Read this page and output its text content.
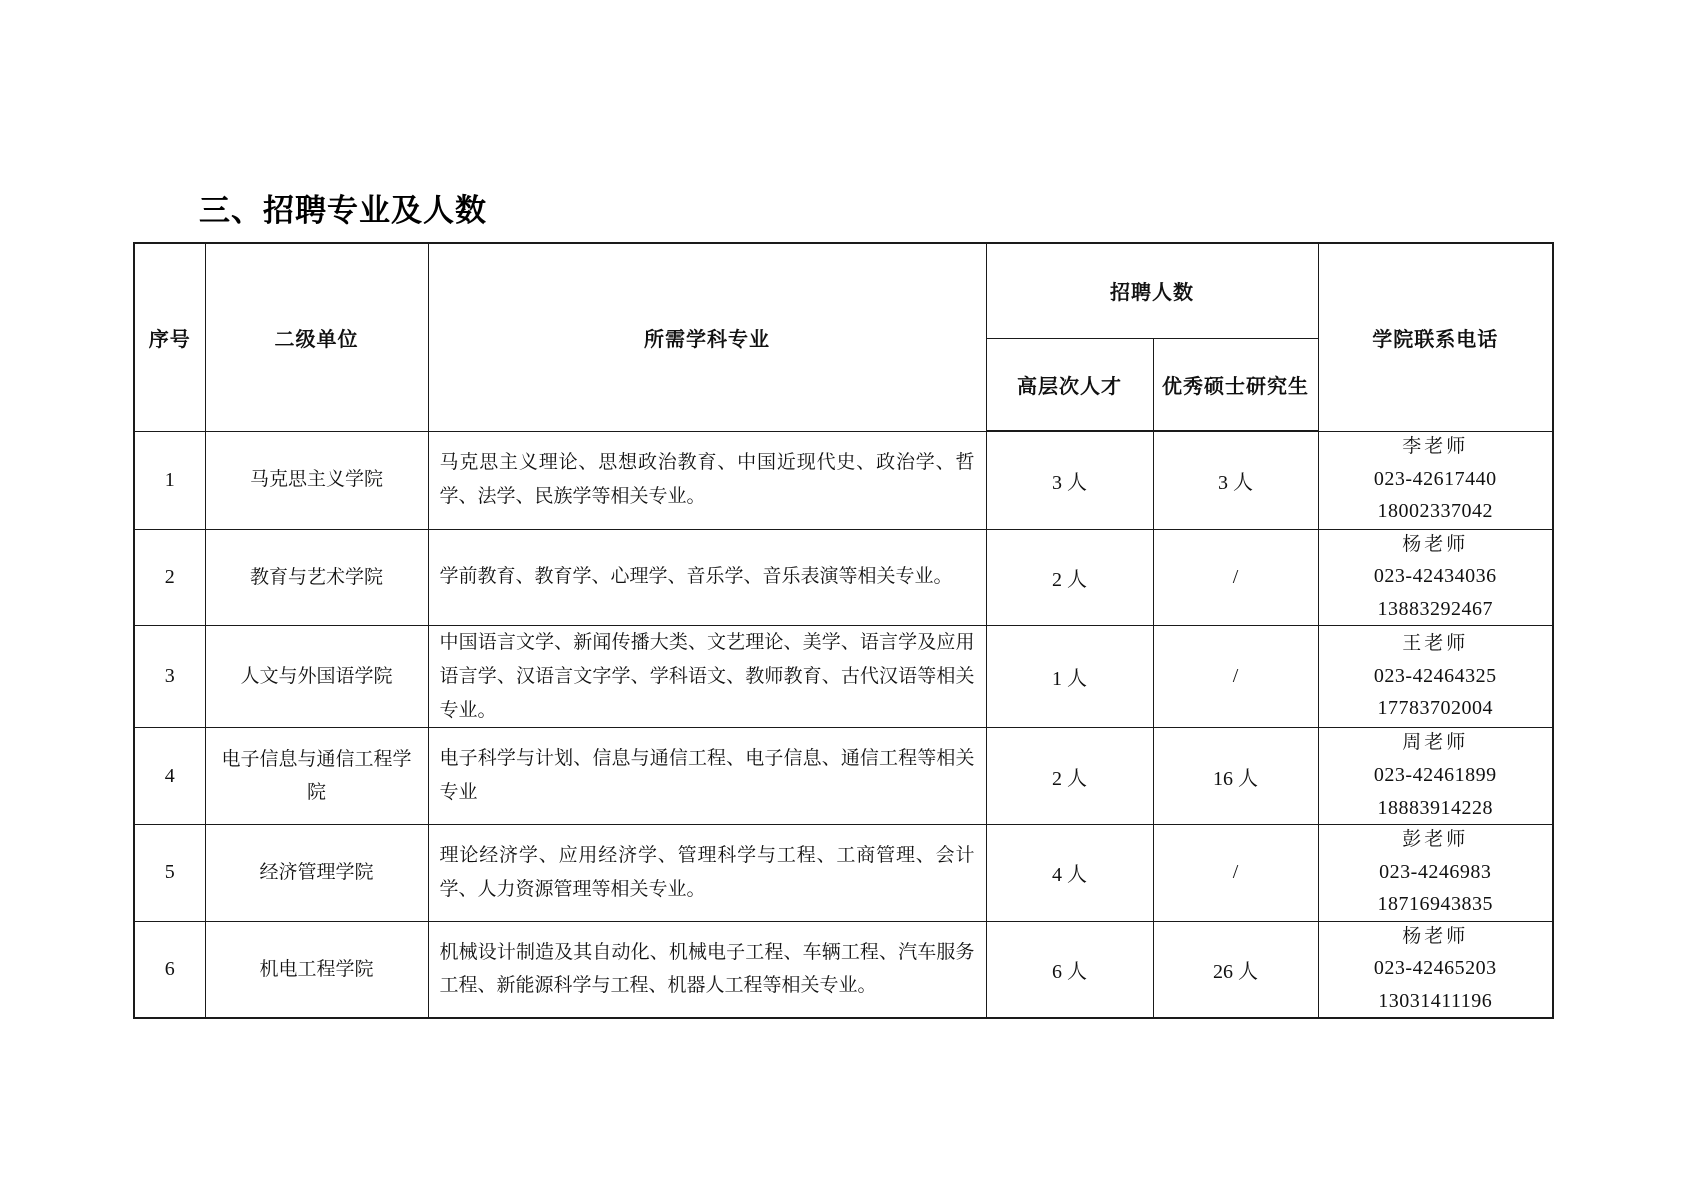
三、招聘专业及人数
序号	二级单位	所需学科专业	招聘人数		学院联系电话
			高层次人才	优秀硕士研究生	
1	马克思主义学院	马克思主义理论、思想政治教育、中国近现代史、政治学、哲学、法学、民族学等相关专业。	3 人	3 人	李老师
023-42617440
18002337042

2	教育与艺术学院	学前教育、教育学、心理学、音乐学、音乐表演等相关专业。	2 人	/	杨老师
023-42434036
13883292467

3	人文与外国语学院	中国语言文学、新闻传播大类、文艺理论、美学、语言学及应用语言学、汉语言文字学、学科语文、教师教育、古代汉语等相关专业。	1 人	/	王老师
023-42464325
17783702004

4	电子信息与通信工程学院	电子科学与计划、信息与通信工程、电子信息、通信工程等相关专业	2 人	16 人	周老师
023-42461899
18883914228

5	经济管理学院	理论经济学、应用经济学、管理科学与工程、工商管理、会计学、人力资源管理等相关专业。	4 人	/	彭老师
023-4246983
18716943835

6	机电工程学院	机械设计制造及其自动化、机械电子工程、车辆工程、汽车服务工程、新能源科学与工程、机器人工程等相关专业。	6 人	26 人	杨老师
023-42465203
13031411196
